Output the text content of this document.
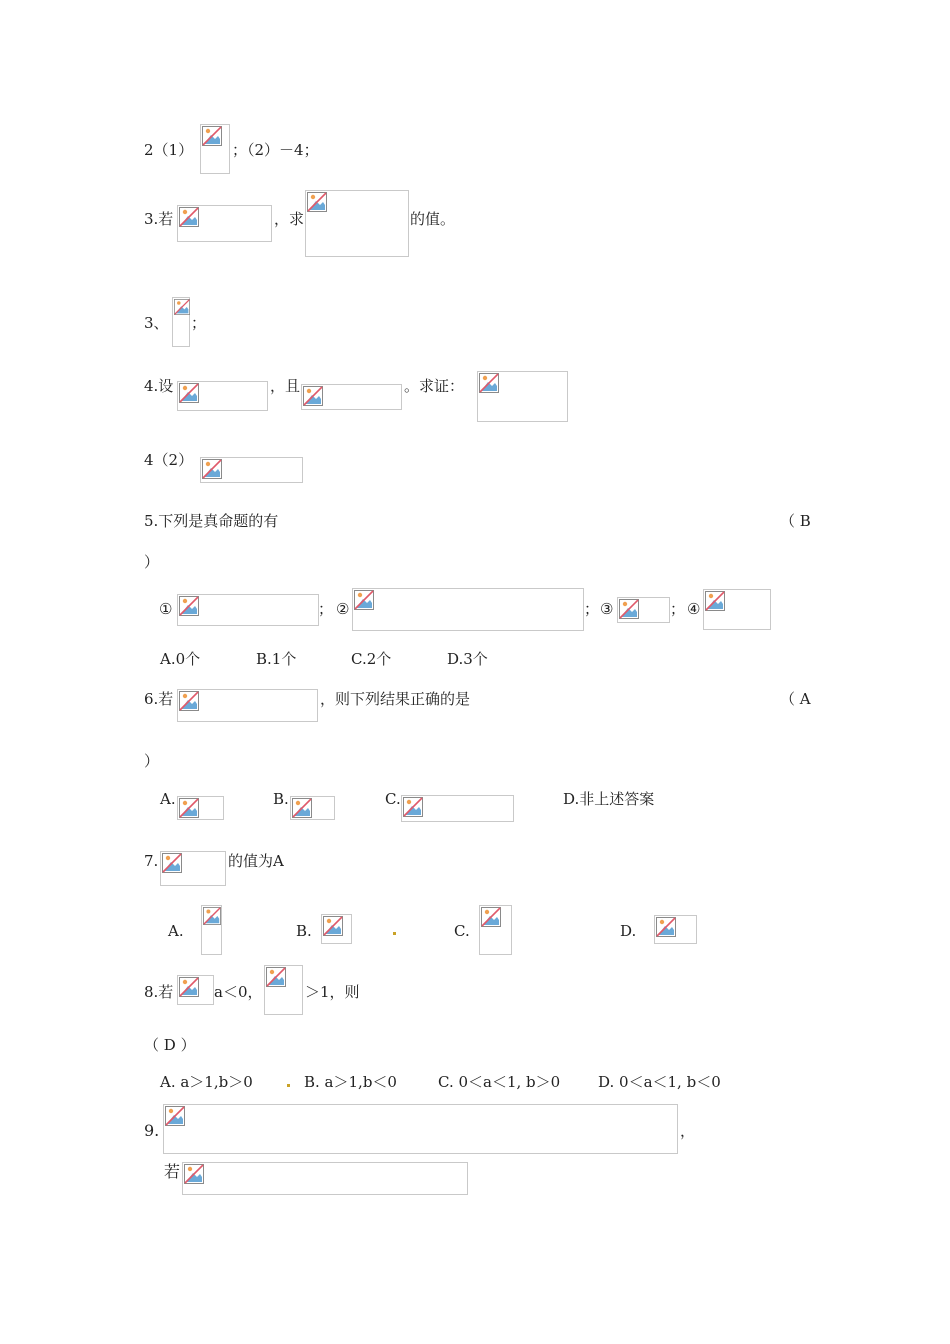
2（1）	；（2）－4；
3.若	，求	的值。
3、 ；
4.设	，且	。求证：
4（2）
5.下列是真命题的有	（ B
）
①	； ②	； ③	； ④
A.0个	B.1个	C.2个	D.3个
6.若	，则下列结果正确的是	（ A
）
A.	B.	C.	D.非上述答案
7.	的值为A
A.	B.	C.	D.
8.若	a＜0，	＞1，则
（ D ）
A. a＞1,b＞0	B. a＞1,b＜0	C. 0＜a＜1, b＞0	D. 0＜a＜1, b＜0
9.	，
若
